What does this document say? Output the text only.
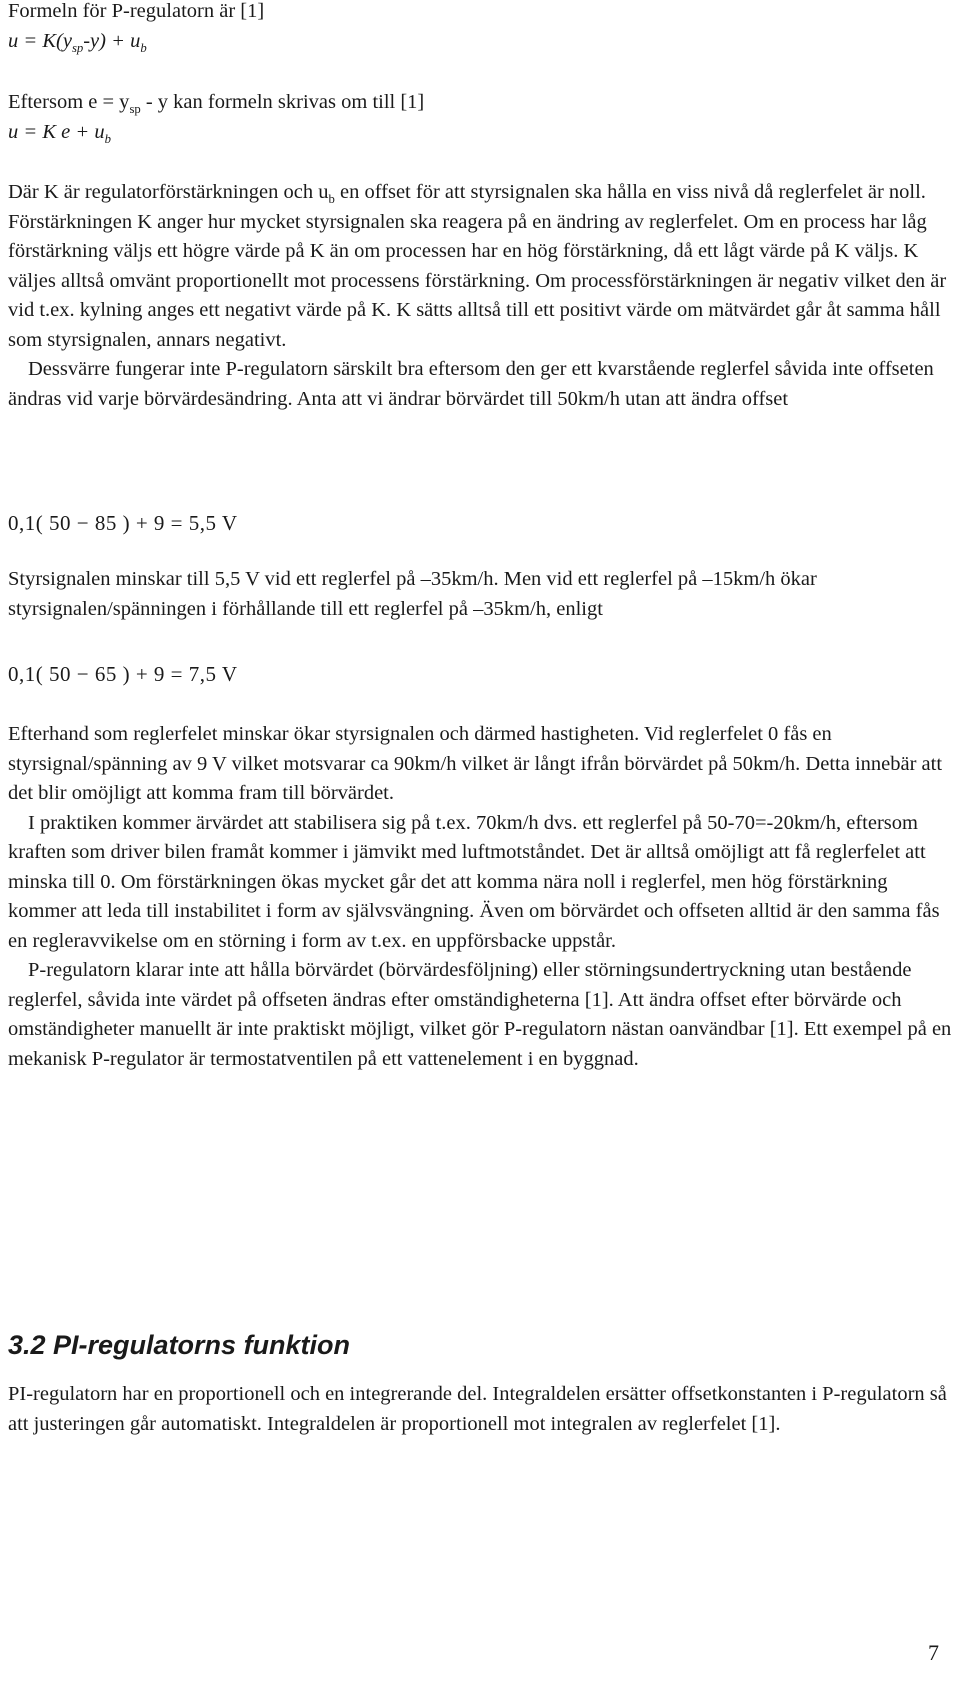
Formeln för P-regulatorn är [1]

$u = K(y_{sp}-y) + u_b$

Eftersom $e = y_{sp} - y$ kan formeln skrivas om till [1]

u = K $e + u_b$

Där K är regulatorförstärkningen och $u_b$ en offset för att styrsignalen ska hålla en viss nivå då reglerfelet är noll. Förstärkningen K anger hur mycket styrsignalen ska reagera på en ändring av reglerfelet. Om en process har låg förstärkning väljs ett högre värde på K än om processen har en hög förstärkning, då ett lågt värde på K väljs. K väljes alltså omvänt proportionellt mot processens förstärkning. Om processförstärkningen är negativ vilket den är vid t.ex. kylning anges ett negativt värde på K. K sätts alltså till ett positivt värde om mätvärdet går åt samma håll som styrsignalen, annars negativt.

Dessvärre fungerar inte P-regulatorn särskilt bra eftersom den ger ett kvarstående reglerfel såvida inte offseten ändras vid varje börvärdesändring. Anta att vi ändrar börvärdet till 50km/h utan att ändra offset

0,1( 50 − 85 ) + 9 = 5,5 V

Styrsignalen minskar till 5,5 V vid ett reglerfel på –35km/h. Men vid ett reglerfel på –15km/h ökar styrsignalen/spänningen i förhållande till ett reglerfel på –35km/h, enligt

0,1( 50 − 65 ) + 9 = 7,5 V

Efterhand som reglerfelet minskar ökar styrsignalen och därmed hastigheten. Vid reglerfelet 0 fås en styrsignal/spänning av 9 V vilket motsvarar ca 90km/h vilket är långt ifrån börvärdet på 50km/h. Detta innebär att det blir omöjligt att komma fram till börvärdet.

I praktiken kommer ärvärdet att stabilisera sig på t.ex. 70km/h dvs. ett reglerfel på 50-70=-20km/h, eftersom kraften som driver bilen framåt kommer i jämvikt med luftmotståndet. Det är alltså omöjligt att få reglerfelet att minska till 0. Om förstärkningen ökas mycket går det att komma nära noll i reglerfel, men hög förstärkning kommer att leda till instabilitet i form av självsvängning. Även om börvärdet och offseten alltid är den samma fås en regleravvikelse om en störning i form av t.ex. en uppförsbacke uppstår.

P-regulatorn klarar inte att hålla börvärdet (börvärdesföljning) eller störningsundertryckning utan bestående reglerfel, såvida inte värdet på offseten ändras efter omständigheterna [1]. Att ändra offset efter börvärde och omständigheter manuellt är inte praktiskt möjligt, vilket gör P-regulatorn nästan oanvändbar [1]. Ett exempel på en mekanisk P-regulator är termostatventilen på ett vattenelement i en byggnad.

3.2 PI-regulatorns funktion

PI-regulatorn har en proportionell och en integrerande del. Integraldelen ersätter offsetkonstanten i P-regulatorn så att justeringen går automatiskt. Integraldelen är proportionell mot integralen av reglerfelet [1].

7
